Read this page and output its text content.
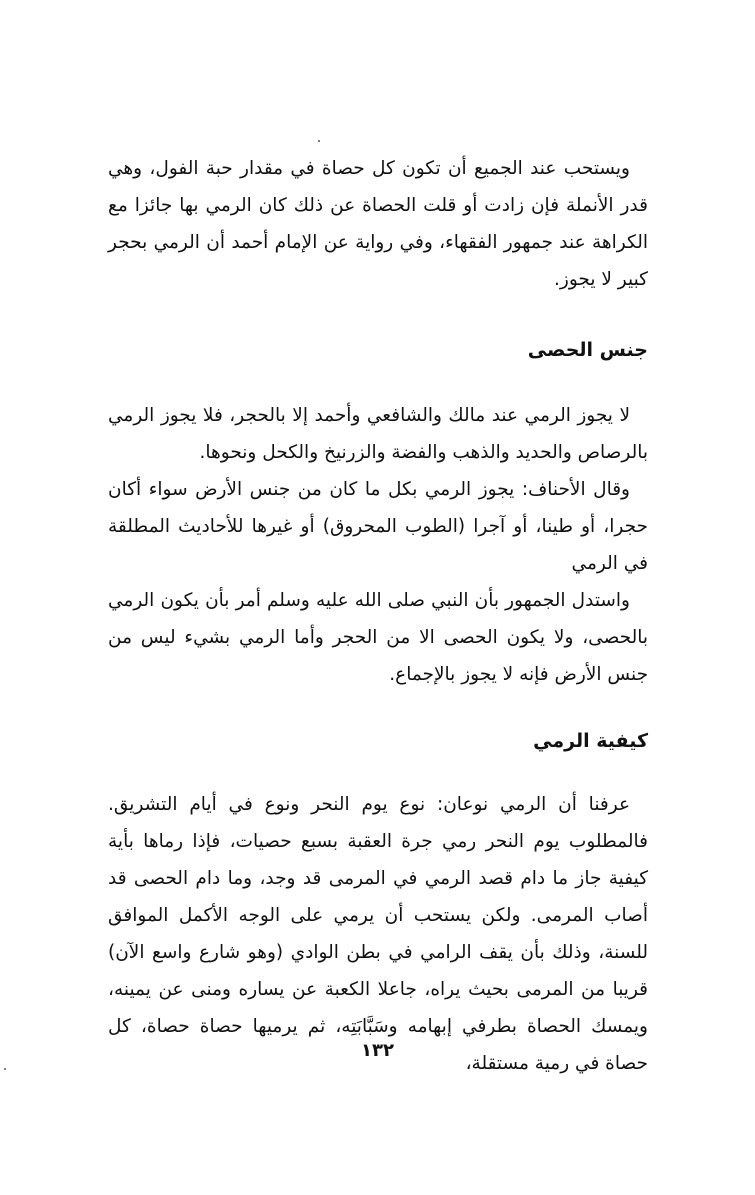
ويستحب عند الجميع أن تكون كل حصاة في مقدار حبة الفول، وهي قدر الأنملة فإن زادت أو قلت الحصاة عن ذلك كان الرمي بها جائزا مع الكراهة عند جمهور الفقهاء، وفي رواية عن الإمام أحمد أن الرمي بحجر كبير لا يجوز.

جنس الحصى

لا يجوز الرمي عند مالك والشافعي وأحمد إلا بالحجر، فلا يجوز الرمي بالرصاص والحديد والذهب والفضة والزرنيخ والكحل ونحوها.

وقال الأحناف: يجوز الرمي بكل ما كان من جنس الأرض سواء أكان حجرا، أو طينا، أو آجرا (الطوب المحروق) أو غيرها للأحاديث المطلقة في الرمي

واستدل الجمهور بأن النبي صلى الله عليه وسلم أمر بأن يكون الرمي بالحصى، ولا يكون الحصى الا من الحجر وأما الرمي بشيء ليس من جنس الأرض فإنه لا يجوز بالإجماع.

كيفية الرمي

عرفنا أن الرمي نوعان: نوع يوم النحر ونوع في أيام التشريق. فالمطلوب يوم النحر رمي جرة العقبة بسبع حصيات، فإذا رماها بأية كيفية جاز ما دام قصد الرمي في المرمى قد وجد، وما دام الحصى قد أصاب المرمى. ولكن يستحب أن يرمي على الوجه الأكمل الموافق للسنة، وذلك بأن يقف الرامي في بطن الوادي (وهو شارع واسع الآن) قريبا من المرمى بحيث يراه، جاعلا الكعبة عن يساره ومنى عن يمينه، ويمسك الحصاة بطرفي إبهامه وسَبَّابَتِه، ثم يرميها حصاة حصاة، كل حصاة في رمية مستقلة،

١٣٢
